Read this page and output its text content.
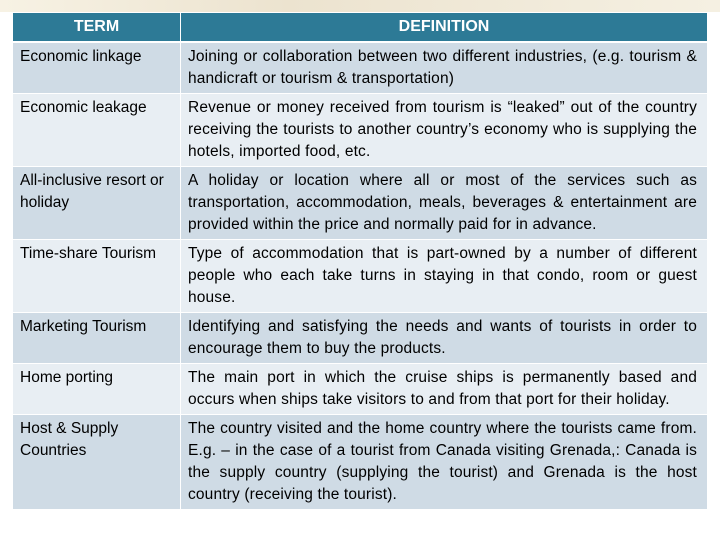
TERM	DEFINITION
Economic linkage	Joining or collaboration between two different industries, (e.g. tourism & handicraft or tourism & transportation)
Economic leakage	Revenue or money received from tourism is “leaked” out of the country receiving the tourists to another country’s economy who is supplying the hotels, imported food, etc.
All-inclusive resort or holiday	A holiday or location where all or most of the services such as transportation, accommodation, meals, beverages & entertainment are provided within the price and normally paid for in advance.
Time-share Tourism	Type of accommodation that is part-owned by a number of different people who each take turns in staying in that condo, room or guest house.
Marketing Tourism	Identifying and satisfying the needs and wants of tourists in order to encourage them to buy the products.
Home porting	The main port in which the cruise ships is permanently based and occurs when ships take visitors to and from that port for their holiday.
Host & Supply Countries	The country visited and the home country where the tourists came from. E.g. – in the case of a tourist from Canada visiting Grenada,: Canada is the supply country (supplying the tourist) and Grenada is the host country (receiving the tourist).
